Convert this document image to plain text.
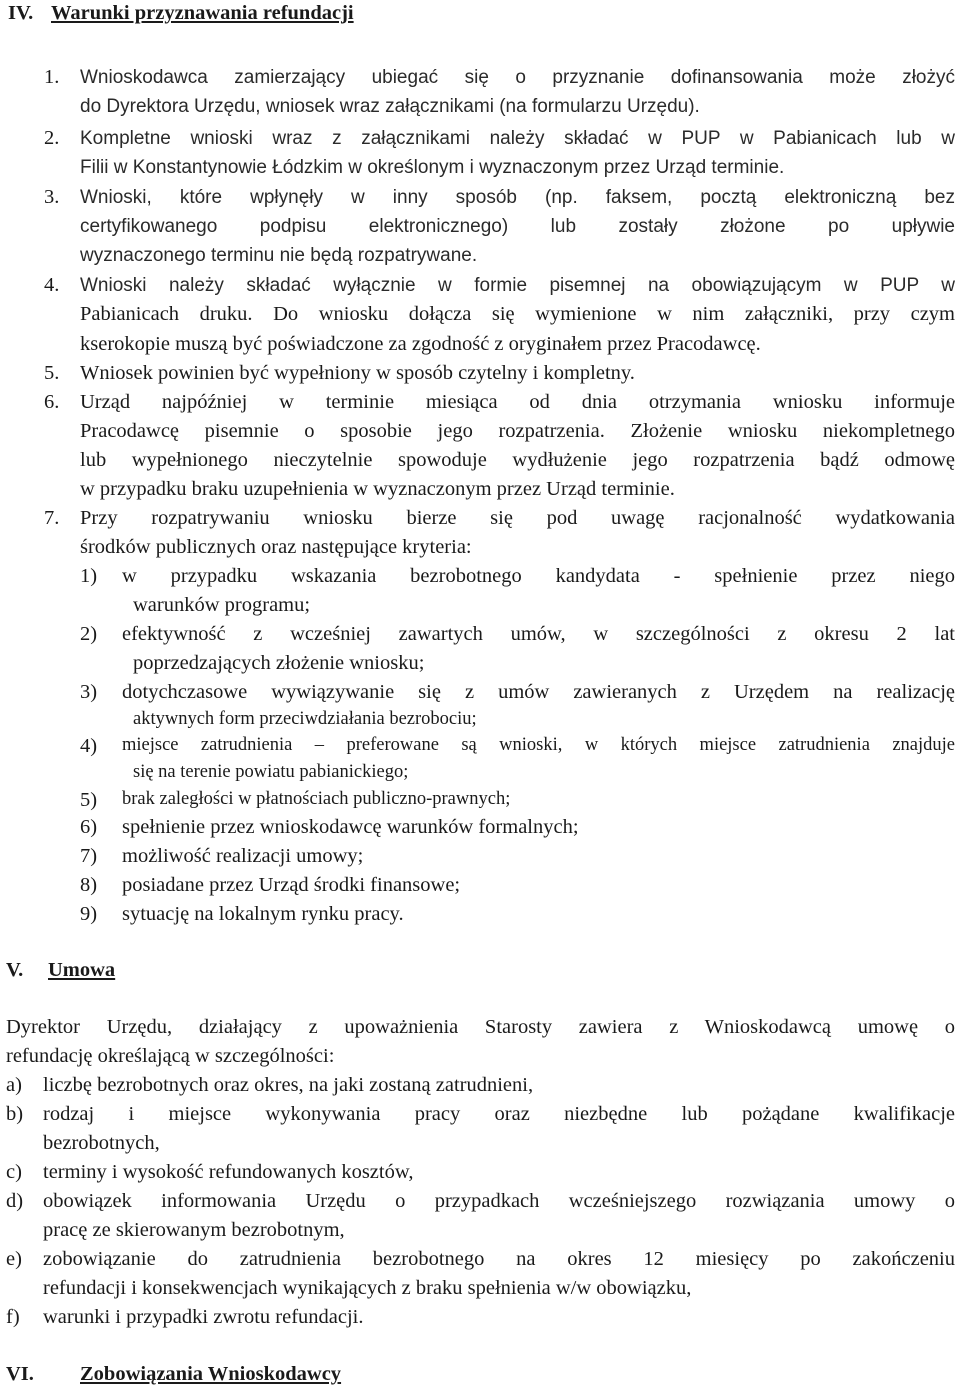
IV. Warunki przyznawania refundacji
1. Wnioskodawca zamierzający ubiegać się o przyznanie dofinansowania może złożyć
do Dyrektora Urzędu, wniosek wraz załącznikami (na formularzu Urzędu).
2. Kompletne wnioski wraz z załącznikami należy składać w PUP w Pabianicach lub w
Filii w Konstantynowie Łódzkim w określonym i wyznaczonym przez Urząd terminie.
3. Wnioski, które wpłynęły w inny sposób (np. faksem, pocztą elektroniczną bez
certyfikowanego podpisu elektronicznego) lub zostały złożone po upływie
wyznaczonego terminu nie będą rozpatrywane.
4. Wnioski należy składać wyłącznie w formie pisemnej na obowiązującym w PUP w
Pabianicach druku. Do wniosku dołącza się wymienione w nim załączniki, przy czym
kserokopie muszą być poświadczone za zgodność z oryginałem przez Pracodawcę.
5. Wniosek powinien być wypełniony w sposób czytelny i kompletny.
6. Urząd najpóźniej w terminie miesiąca od dnia otrzymania wniosku informuje
Pracodawcę pisemnie o sposobie jego rozpatrzenia. Złożenie wniosku niekompletnego
lub wypełnionego nieczytelnie spowoduje wydłużenie jego rozpatrzenia bądź odmowę
w przypadku braku uzupełnienia w wyznaczonym przez Urząd terminie.
7. Przy rozpatrywaniu wniosku bierze się pod uwagę racjonalność wydatkowania
środków publicznych oraz następujące kryteria:
1) w przypadku wskazania bezrobotnego kandydata - spełnienie przez niego
warunków programu;
2) efektywność z wcześniej zawartych umów, w szczególności z okresu 2 lat
poprzedzających złożenie wniosku;
3) dotychczasowe wywiązywanie się z umów zawieranych z Urzędem na realizację
aktywnych form przeciwdziałania bezrobociu;
4) miejsce zatrudnienia – preferowane są wnioski, w których miejsce zatrudnienia znajduje
się na terenie powiatu pabianickiego;
5) brak zaległości w płatnościach publiczno-prawnych;
6) spełnienie przez wnioskodawcę warunków formalnych;
7) możliwość realizacji umowy;
8) posiadane przez Urząd środki finansowe;
9) sytuację na lokalnym rynku pracy.
V. Umowa
Dyrektor Urzędu, działający z upoważnienia Starosty zawiera z Wnioskodawcą umowę o
refundację określającą w szczególności:
a) liczbę bezrobotnych oraz okres, na jaki zostaną zatrudnieni,
b) rodzaj i miejsce wykonywania pracy oraz niezbędne lub pożądane kwalifikacje
bezrobotnych,
c) terminy i wysokość refundowanych kosztów,
d) obowiązek informowania Urzędu o przypadkach wcześniejszego rozwiązania umowy o
pracę ze skierowanym bezrobotnym,
e) zobowiązanie do zatrudnienia bezrobotnego na okres 12 miesięcy po zakończeniu
refundacji i konsekwencjach wynikających z braku spełnienia w/w obowiązku,
f) warunki i przypadki zwrotu refundacji.
VI. Zobowiązania Wnioskodawcy
